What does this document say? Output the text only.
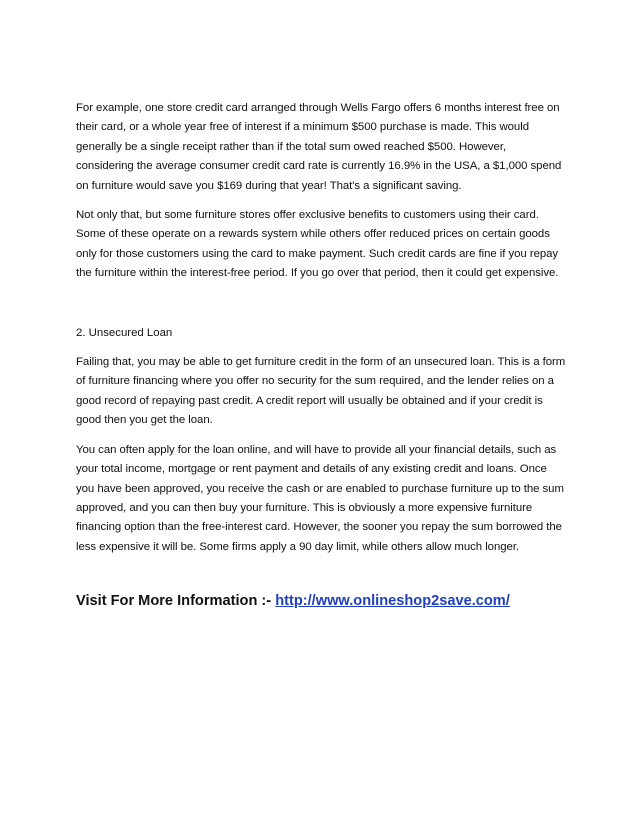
For example, one store credit card arranged through Wells Fargo offers 6 months interest free on their card, or a whole year free of interest if a minimum $500 purchase is made. This would generally be a single receipt rather than if the total sum owed reached $500. However, considering the average consumer credit card rate is currently 16.9% in the USA, a $1,000 spend on furniture would save you $169 during that year! That's a significant saving.

Not only that, but some furniture stores offer exclusive benefits to customers using their card. Some of these operate on a rewards system while others offer reduced prices on certain goods only for those customers using the card to make payment. Such credit cards are fine if you repay the furniture within the interest-free period. If you go over that period, then it could get expensive.

2. Unsecured Loan

Failing that, you may be able to get furniture credit in the form of an unsecured loan. This is a form of furniture financing where you offer no security for the sum required, and the lender relies on a good record of repaying past credit. A credit report will usually be obtained and if your credit is good then you get the loan.

You can often apply for the loan online, and will have to provide all your financial details, such as your total income, mortgage or rent payment and details of any existing credit and loans. Once you have been approved, you receive the cash or are enabled to purchase furniture up to the sum approved, and you can then buy your furniture. This is obviously a more expensive furniture financing option than the free-interest card. However, the sooner you repay the sum borrowed the less expensive it will be. Some firms apply a 90 day limit, while others allow much longer.

Visit For More Information :- http://www.onlineshop2save.com/
